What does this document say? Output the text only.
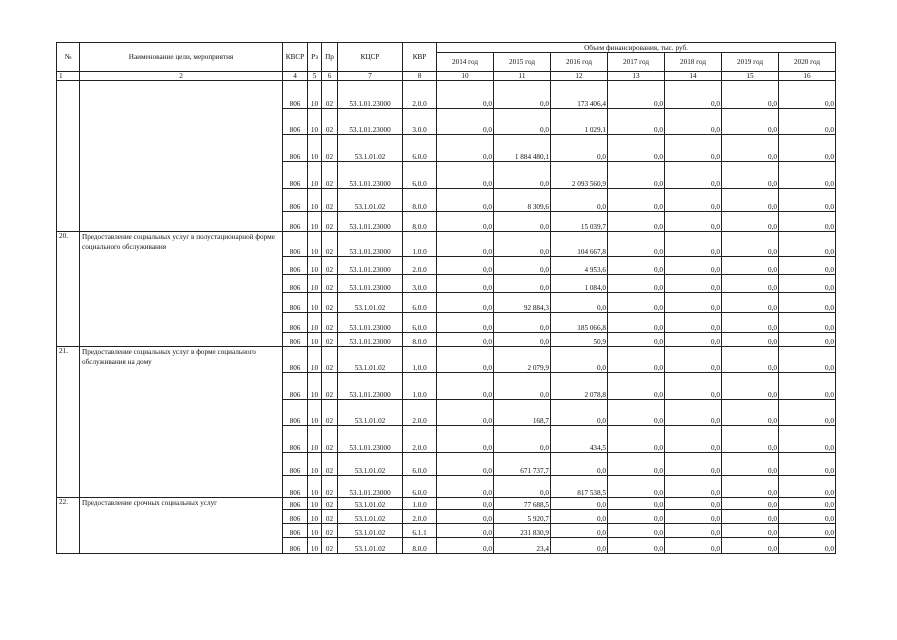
№	Наименование цели, мероприятия	КВСР	Рз	Пр	КЦСР	КВР	Объем финансирования, тыс. руб.						
							2014 год	2015 год	2016 год	2017 год	2018 год	2019 год	2020 год
1	2	4	5	6	7	8	10	11	12	13	14	15	16
		806	10	02	53.1.01.23000	2.0.0	0,0	0,0	173 406,4	0,0	0,0	0,0	0,0
		806	10	02	53.1.01.23000	3.0.0	0,0	0,0	1 029,1	0,0	0,0	0,0	0,0
		806	10	02	53.1.01.02	6.0.0	0,0	1 884 480,1	0,0	0,0	0,0	0,0	0,0
		806	10	02	53.1.01.23000	6.0.0	0,0	0,0	2 093 560,9	0,0	0,0	0,0	0,0
		806	10	02	53.1.01.02	8.0.0	0,0	8 309,6	0,0	0,0	0,0	0,0	0,0
		806	10	02	53.1.01.23000	8.0.0	0,0	0,0	15 039,7	0,0	0,0	0,0	0,0
20.	Предоставление социальных услуг в полустационарной форме социального обслуживания	806	10	02	53.1.01.23000	1.0.0	0,0	0,0	104 667,8	0,0	0,0	0,0	0,0
		806	10	02	53.1.01.23000	2.0.0	0,0	0,0	4 953,6	0,0	0,0	0,0	0,0
		806	10	02	53.1.01.23000	3.0.0	0,0	0,0	1 084,0	0,0	0,0	0,0	0,0
		806	10	02	53.1.01.02	6.0.0	0,0	92 884,3	0,0	0,0	0,0	0,0	0,0
		806	10	02	53.1.01.23000	6.0.0	0,0	0,0	185 066,8	0,0	0,0	0,0	0,0
		806	10	02	53.1.01.23000	8.0.0	0,0	0,0	50,9	0,0	0,0	0,0	0,0
21.	Предоставление социальных услуг в форме социального обслуживания на дому	806	10	02	53.1.01.02	1.0.0	0,0	2 079,9	0,0	0,0	0,0	0,0	0,0
		806	10	02	53.1.01.23000	1.0.0	0,0	0,0	2 078,8	0,0	0,0	0,0	0,0
		806	10	02	53.1.01.02	2.0.0	0,0	168,7	0,0	0,0	0,0	0,0	0,0
		806	10	02	53.1.01.23000	2.0.0	0,0	0,0	434,5	0,0	0,0	0,0	0,0
		806	10	02	53.1.01.02	6.0.0	0,0	671 737,7	0,0	0,0	0,0	0,0	0,0
		806	10	02	53.1.01.23000	6.0.0	0,0	0,0	817 538,5	0,0	0,0	0,0	0,0
22.	Предоставление срочных социальных услуг	806	10	02	53.1.01.02	1.0.0	0,0	77 688,5	0,0	0,0	0,0	0,0	0,0
		806	10	02	53.1.01.02	2.0.0	0,0	5 920,7	0,0	0,0	0,0	0,0	0,0
		806	10	02	53.1.01.02	6.1.1	0,0	231 830,9	0,0	0,0	0,0	0,0	0,0
		806	10	02	53.1.01.02	8.0.0	0,0	23,4	0,0	0,0	0,0	0,0	0,0
